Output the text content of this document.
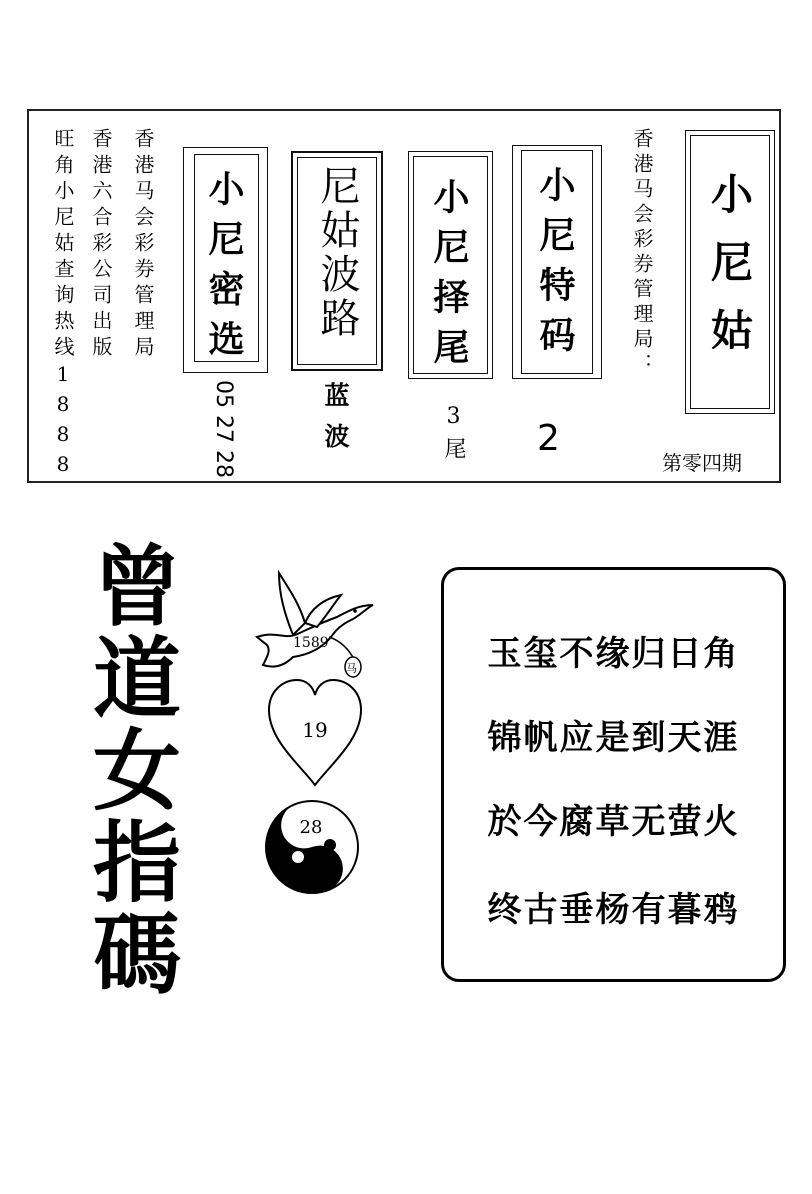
旺角小尼姑查询热线1888 香港六合彩公司出版 香港马会彩券管理局 小尼密选
05 27 28
尼姑波路
蓝波
小尼择尾
3尾
小尼特码
2
香港马会彩券管理局： 小尼姑
第零四期
曾道女指碼	1589
马
19
28
玉玺不缘归日角
锦帆应是到天涯
於今腐草无萤火
终古垂杨有暮鸦
